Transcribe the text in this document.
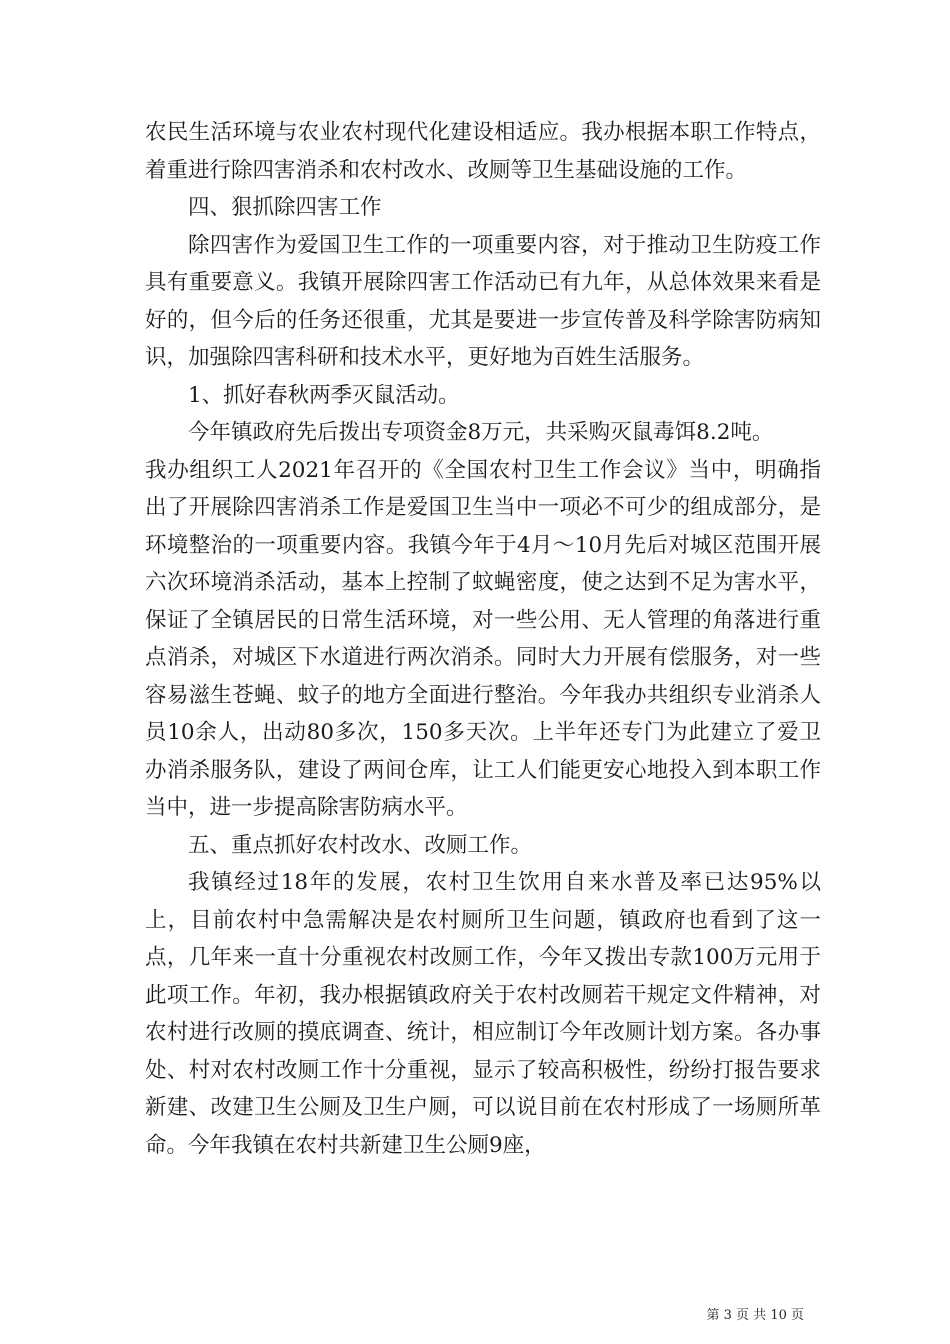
农民生活环境与农业农村现代化建设相适应。我办根据本职工作特点，着重进行除四害消杀和农村改水、改厕等卫生基础设施的工作。

四、狠抓除四害工作

除四害作为爱国卫生工作的一项重要内容，对于推动卫生防疫工作具有重要意义。我镇开展除四害工作活动已有九年，从总体效果来看是好的，但今后的任务还很重，尤其是要进一步宣传普及科学除害防病知识，加强除四害科研和技术水平，更好地为百姓生活服务。

1、抓好春秋两季灭鼠活动。

今年镇政府先后拨出专项资金8万元，共采购灭鼠毒饵8.2吨。

我办组织工人2021年召开的《全国农村卫生工作会议》当中，明确指出了开展除四害消杀工作是爱国卫生当中一项必不可少的组成部分，是环境整治的一项重要内容。我镇今年于4月～10月先后对城区范围开展六次环境消杀活动，基本上控制了蚊蝇密度，使之达到不足为害水平，保证了全镇居民的日常生活环境，对一些公用、无人管理的角落进行重点消杀，对城区下水道进行两次消杀。同时大力开展有偿服务，对一些容易滋生苍蝇、蚊子的地方全面进行整治。今年我办共组织专业消杀人员10余人，出动80多次，150多天次。上半年还专门为此建立了爱卫办消杀服务队，建设了两间仓库，让工人们能更安心地投入到本职工作当中，进一步提高除害防病水平。

五、重点抓好农村改水、改厕工作。

我镇经过18年的发展，农村卫生饮用自来水普及率已达95%以上，目前农村中急需解决是农村厕所卫生问题，镇政府也看到了这一点，几年来一直十分重视农村改厕工作，今年又拨出专款100万元用于此项工作。年初，我办根据镇政府关于农村改厕若干规定文件精神，对农村进行改厕的摸底调查、统计，相应制订今年改厕计划方案。各办事处、村对农村改厕工作十分重视，显示了较高积极性，纷纷打报告要求新建、改建卫生公厕及卫生户厕，可以说目前在农村形成了一场厕所革命。今年我镇在农村共新建卫生公厕9座，

第 3 页 共 10 页
